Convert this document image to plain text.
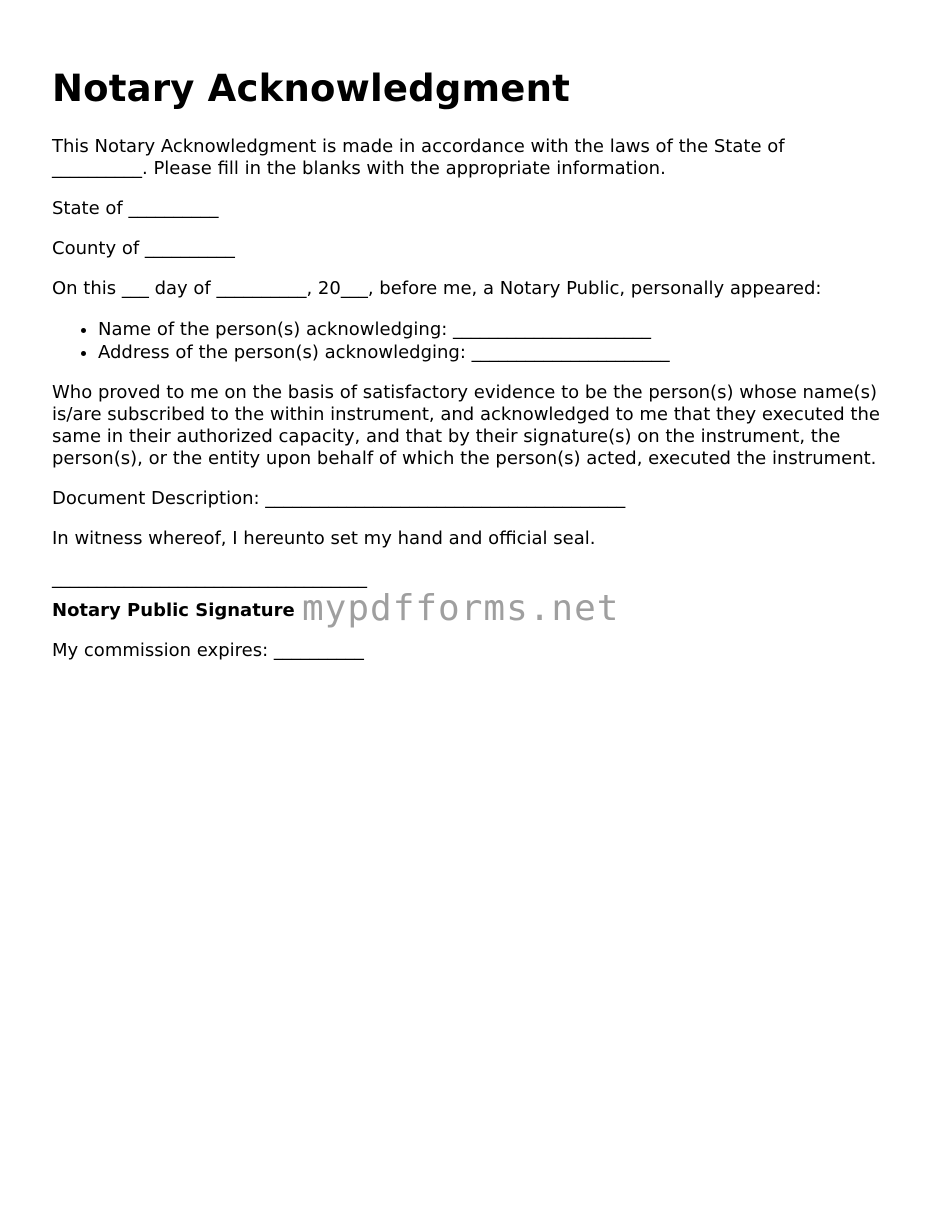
Notary Acknowledgment

This Notary Acknowledgment is made in accordance with the laws of the State of __________. Please fill in the blanks with the appropriate information.

State of __________

County of __________

On this ___ day of __________, 20___, before me, a Notary Public, personally appeared:

• Name of the person(s) acknowledging: ______________________
• Address of the person(s) acknowledging: ______________________

Who proved to me on the basis of satisfactory evidence to be the person(s) whose name(s) is/are subscribed to the within instrument, and acknowledged to me that they executed the same in their authorized capacity, and that by their signature(s) on the instrument, the person(s), or the entity upon behalf of which the person(s) acted, executed the instrument.

Document Description: ________________________________________

In witness whereof, I hereunto set my hand and official seal.

___________________________________
Notary Public Signature

My commission expires: __________

mypdfforms.net
